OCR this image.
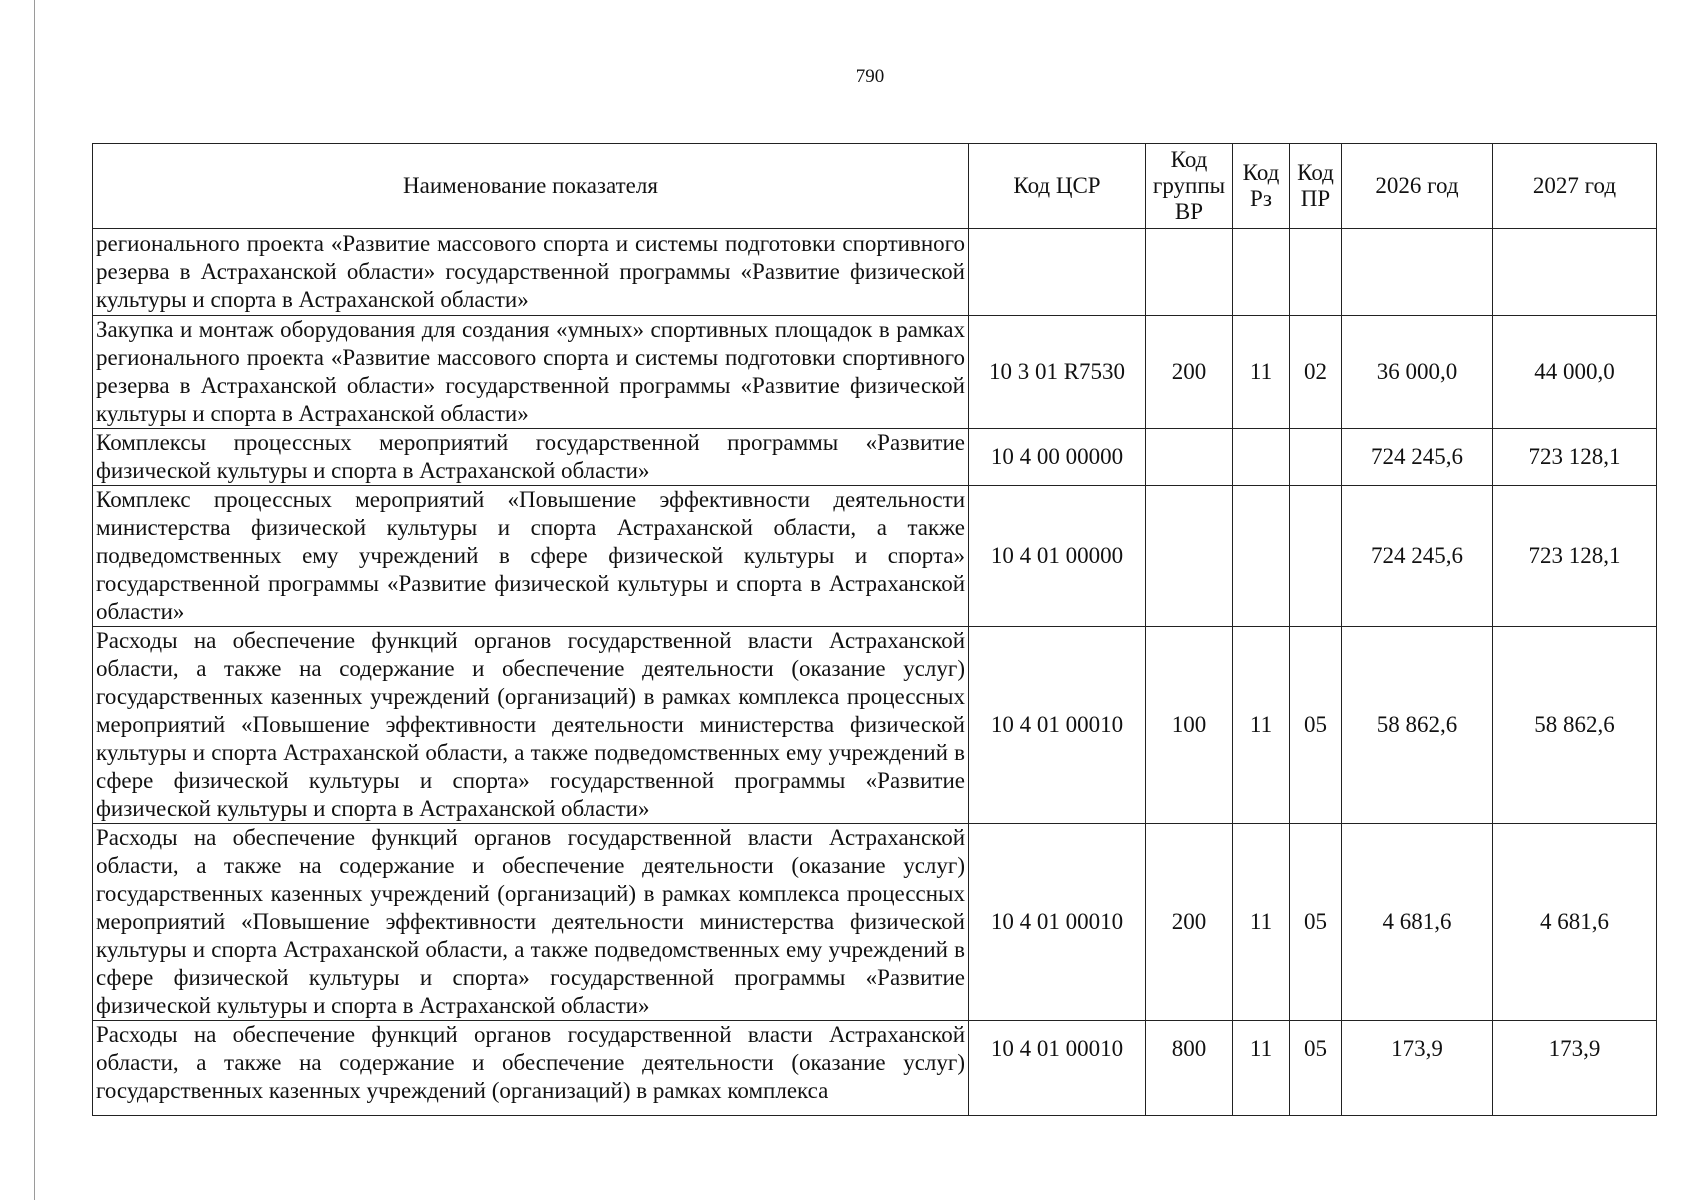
790
Наименование показателя	Код ЦСР	Код группы ВР	Код Рз	Код ПР	2026 год	2027 год
регионального проекта «Развитие массового спорта и системы подготовки спортивного резерва в Астраханской области» государственной программы «Развитие физической культуры и спорта в Астраханской области»						
Закупка и монтаж оборудования для создания «умных» спортивных площадок в рамках регионального проекта «Развитие массового спорта и системы подготовки спортивного резерва в Астраханской области» государственной программы «Развитие физической культуры и спорта в Астраханской области»	10 3 01 R7530	200	11	02	36 000,0	44 000,0
Комплексы процессных мероприятий государственной программы «Развитие физической культуры и спорта в Астраханской области»	10 4 00 00000				724 245,6	723 128,1
Комплекс процессных мероприятий «Повышение эффективности деятельности министерства физической культуры и спорта Астраханской области, а также подведомственных ему учреждений в сфере физической культуры и спорта» государственной программы «Развитие физической культуры и спорта в Астраханской области»	10 4 01 00000				724 245,6	723 128,1
Расходы на обеспечение функций органов государственной власти Астраханской области, а также на содержание и обеспечение деятельности (оказание услуг) государственных казенных учреждений (организаций) в рамках комплекса процессных мероприятий «Повышение эффективности деятельности министерства физической культуры и спорта Астраханской области, а также подведомственных ему учреждений в сфере физической культуры и спорта» государственной программы «Развитие физической культуры и спорта в Астраханской области»	10 4 01 00010	100	11	05	58 862,6	58 862,6
Расходы на обеспечение функций органов государственной власти Астраханской области, а также на содержание и обеспечение деятельности (оказание услуг) государственных казенных учреждений (организаций) в рамках комплекса процессных мероприятий «Повышение эффективности деятельности министерства физической культуры и спорта Астраханской области, а также подведомственных ему учреждений в сфере физической культуры и спорта» государственной программы «Развитие физической культуры и спорта в Астраханской области»	10 4 01 00010	200	11	05	4 681,6	4 681,6
Расходы на обеспечение функций органов государственной власти Астраханской области, а также на содержание и обеспечение деятельности (оказание услуг) государственных казенных учреждений (организаций) в рамках комплекса	10 4 01 00010	800	11	05	173,9	173,9
